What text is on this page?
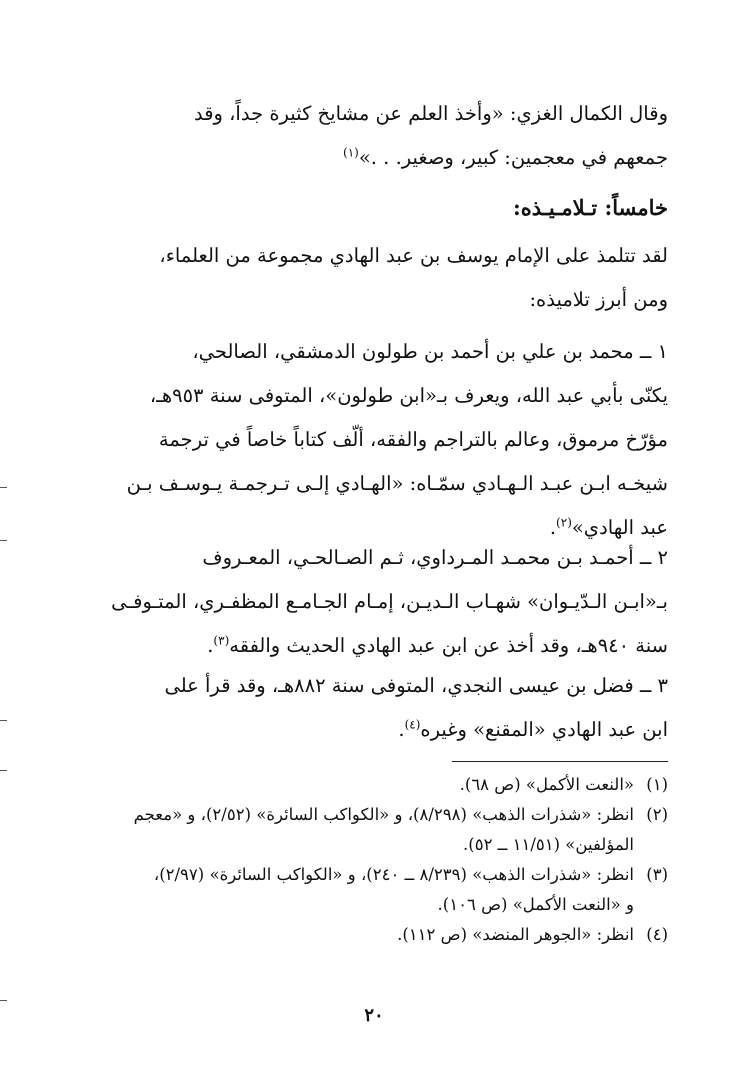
وقال الكمال الغزي: «وأخذ العلم عن مشايخ كثيرة جداً، وقد
جمعهم في معجمين: كبير، وصغير. . .»$^{(١)}$
خامساً: تـلامـيـذه:
لقد تتلمذ على الإمام يوسف بن عبد الهادي مجموعة من العلماء،
ومن أبرز تلاميذه:
١ ــ محمد بن علي بن أحمد بن طولون الدمشقي، الصالحي،
يكنّى بأبي عبد الله، ويعرف بـ«ابن طولون»، المتوفى سنة ٩٥٣هـ،
مؤرّخ مرموق، وعالم بالتراجم والفقه، ألّف كتاباً خاصاً في ترجمة
شيخـه ابـن عبـد الـهـادي سمّـاه: «الهـادي إلـى تـرجمـة يـوسـف بـن
عبد الهادي»$^{(٢)}$.
٢ ــ أحمـد بـن محمـد المـرداوي، ثـم الصـالحـي، المعـروف
بـ«ابـن الـدّيـوان» شهـاب الـديـن، إمـام الجـامـع المظفـري، المتـوفـى
سنة ٩٤٠هـ، وقد أخذ عن ابن عبد الهادي الحديث والفقه$^{(٣)}$.
٣ ــ فضل بن عيسى النجدي، المتوفى سنة ٨٨٢هـ، وقد قرأ على
ابن عبد الهادي «المقنع» وغيره$^{(٤)}$.
(١)
«النعت الأكمل» (ص ٦٨).
(٢)
انظر: «شذرات الذهب» (٨/٢٩٨)، و «الكواكب السائرة» (٢/٥٢)، و «معجم
المؤلفين» (١١/٥١ ــ ٥٢).
(٣)
انظر: «شذرات الذهب» (٨/٢٣٩ ــ ٢٤٠)، و «الكواكب السائرة» (٢/٩٧)،
و «النعت الأكمل» (ص ١٠٦).
(٤)
انظر: «الجوهر المنضد» (ص ١١٢).
٢٠
